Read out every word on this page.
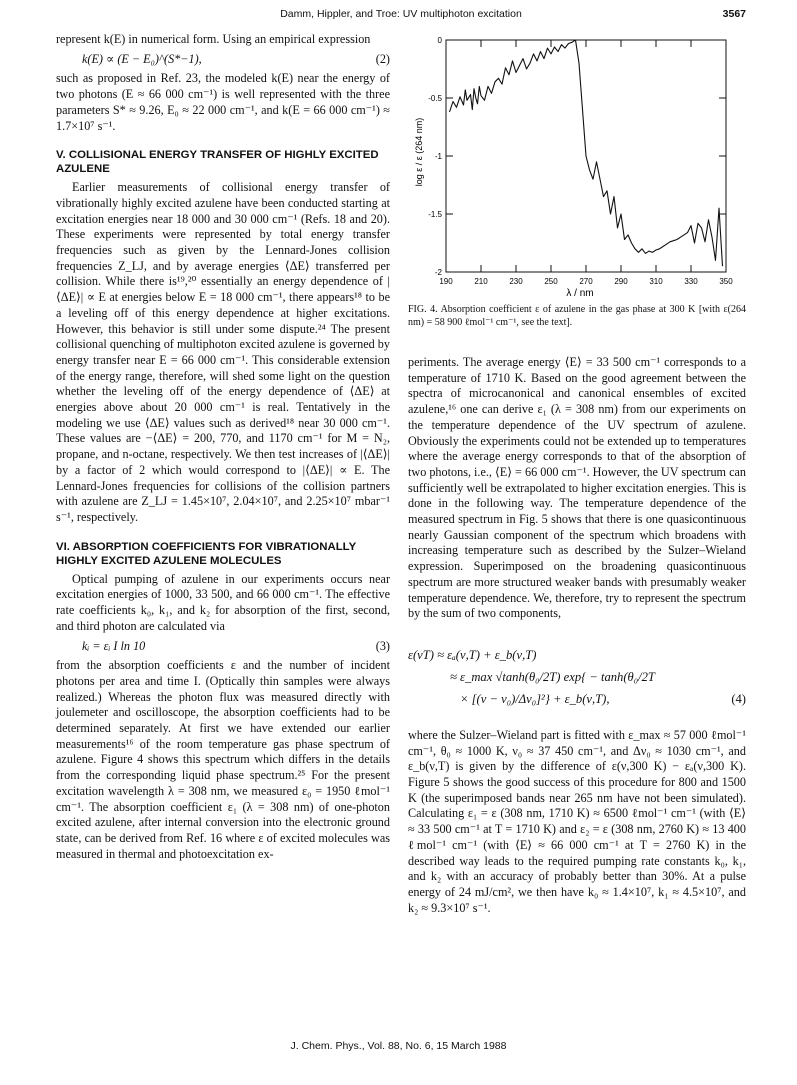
Damm, Hippler, and Troe: UV multiphoton excitation	3567

represent k(E) in numerical form. Using an empirical expression

k(E) ∝ (E − E₀)^(S*−1),	(2)

such as proposed in Ref. 23, the modeled k(E) near the energy of two photons (E ≈ 66 000 cm⁻¹) is well represented with the three parameters S* ≈ 9.26, E₀ ≈ 22 000 cm⁻¹, and k(E = 66 000 cm⁻¹) ≈ 1.7×10⁷ s⁻¹.

V. COLLISIONAL ENERGY TRANSFER OF HIGHLY EXCITED AZULENE

Earlier measurements of collisional energy transfer of vibrationally highly excited azulene have been conducted starting at excitation energies near 18 000 and 30 000 cm⁻¹ (Refs. 18 and 20). These experiments were represented by total energy transfer frequencies such as given by the Lennard-Jones collision frequencies Z_LJ, and by average energies ⟨ΔE⟩ transferred per collision. While there is¹⁹,²⁰ essentially an energy dependence of |⟨ΔE⟩| ∝ E at energies below E = 18 000 cm⁻¹, there appears¹⁸ to be a leveling off of this energy dependence at higher excitations. However, this behavior is still under some dispute.²⁴ The present collisional quenching of multiphoton excited azulene is governed by energy transfer near E = 66 000 cm⁻¹. This considerable extension of the energy range, therefore, will shed some light on the question whether the leveling off of the energy dependence of ⟨ΔE⟩ at energies above about 20 000 cm⁻¹ is real. Tentatively in the modeling we use ⟨ΔE⟩ values such as derived¹⁸ near 30 000 cm⁻¹. These values are −⟨ΔE⟩ = 200, 770, and 1170 cm⁻¹ for M = N₂, propane, and n-octane, respectively. We then test increases of |⟨ΔE⟩| by a factor of 2 which would correspond to |⟨ΔE⟩| ∝ E. The Lennard-Jones frequencies for collisions of the collision partners with azulene are Z_LJ = 1.45×10⁷, 2.04×10⁷, and 2.25×10⁷ mbar⁻¹ s⁻¹, respectively.

VI. ABSORPTION COEFFICIENTS FOR VIBRATIONALLY HIGHLY EXCITED AZULENE MOLECULES

Optical pumping of azulene in our experiments occurs near excitation energies of 1000, 33 500, and 66 000 cm⁻¹. The effective rate coefficients k₀, k₁, and k₂ for absorption of the first, second, and third photon are calculated via

kᵢ = εᵢ I ln 10	(3)

from the absorption coefficients ε and the number of incident photons per area and time I. (Optically thin samples were always realized.) Whereas the photon flux was measured directly with joulemeter and oscilloscope, the absorption coefficients had to be determined separately. At first we have extended our earlier measurements¹⁶ of the room temperature gas phase spectrum of azulene. Figure 4 shows this spectrum which differs in the details from the corresponding liquid phase spectrum.²⁵ For the present excitation wavelength λ = 308 nm, we measured ε₀ = 1950 ℓmol⁻¹ cm⁻¹. The absorption coefficient ε₁ (λ = 308 nm) of one-photon excited azulene, after internal conversion into the electronic ground state, can be derived from Ref. 16 where ε of excited molecules was measured in thermal and photoexcitation ex-

190	210	230	250	270	290	310	330	350
0
-0.5
-1
-1.5
-2
log ε / ε (264 nm)
λ / nm
FIG. 4. Absorption coefficient ε of azulene in the gas phase at 300 K [with ε(264 nm) = 58 900 ℓmol⁻¹ cm⁻¹, see the text].

periments. The average energy ⟨E⟩ = 33 500 cm⁻¹ corresponds to a temperature of 1710 K. Based on the good agreement between the spectra of microcanonical and canonical ensembles of excited azulene,¹⁶ one can derive ε₁ (λ = 308 nm) from our experiments on the temperature dependence of the UV spectrum of azulene. Obviously the experiments could not be extended up to temperatures where the average energy corresponds to that of the absorption of two photons, i.e., ⟨E⟩ = 66 000 cm⁻¹. However, the UV spectrum can sufficiently well be extrapolated to higher excitation energies. This is done in the following way. The temperature dependence of the measured spectrum in Fig. 5 shows that there is one quasicontinuous nearly Gaussian component of the spectrum which broadens with increasing temperature such as described by the Sulzer–Wieland expression. Superimposed on the broadening quasicontinuous spectrum are more structured weaker bands with presumably weaker temperature dependence. We, therefore, try to represent the spectrum by the sum of two components,

ε(νT) ≈ εₐ(ν,T) + ε_b(ν,T)
≈ ε_max √tanh(θ₀/2T) exp{ − tanh(θ₀/2T
× [(ν − ν₀)/Δν₀]²} + ε_b(ν,T),	(4)

where the Sulzer–Wieland part is fitted with ε_max ≈ 57 000 ℓmol⁻¹ cm⁻¹, θ₀ ≈ 1000 K, ν₀ ≈ 37 450 cm⁻¹, and Δν₀ ≈ 1030 cm⁻¹, and ε_b(ν,T) is given by the difference of ε(ν,300 K) − εₐ(ν,300 K). Figure 5 shows the good success of this procedure for 800 and 1500 K (the superimposed bands near 265 nm have not been simulated). Calculating ε₁ = ε (308 nm, 1710 K) ≈ 6500 ℓmol⁻¹ cm⁻¹ (with ⟨E⟩ ≈ 33 500 cm⁻¹ at T = 1710 K) and ε₂ = ε (308 nm, 2760 K) ≈ 13 400 ℓmol⁻¹ cm⁻¹ (with ⟨E⟩ ≈ 66 000 cm⁻¹ at T = 2760 K) in the described way leads to the required pumping rate constants k₀, k₁, and k₂ with an accuracy of probably better than 30%. At a pulse energy of 24 mJ/cm², we then have k₀ ≈ 1.4×10⁷, k₁ ≈ 4.5×10⁷, and k₂ ≈ 9.3×10⁷ s⁻¹.

J. Chem. Phys., Vol. 88, No. 6, 15 March 1988
